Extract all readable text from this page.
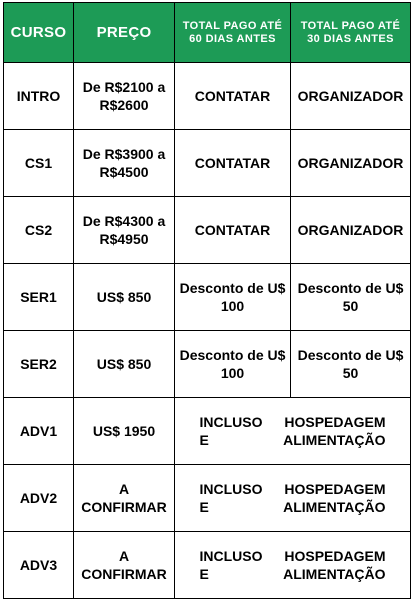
CURSO	PREÇO	TOTAL PAGO ATÉ 60 DIAS ANTES	TOTAL PAGO ATÉ 30 DIAS ANTES
INTRO	De R$2100 a R$2600	CONTATAR	ORGANIZADOR
CS1	De R$3900 a R$4500	CONTATAR	ORGANIZADOR
CS2	De R$4300 a R$4950	CONTATAR	ORGANIZADOR
SER1	US$ 850	Desconto de U$ 100	Desconto de U$ 50
SER2	US$ 850	Desconto de U$ 100	Desconto de U$ 50
ADV1	US$ 1950	INCLUSO HOSPEDAGEM
E ALIMENTAÇÃO	

ADV2	A CONFIRMAR	INCLUSO HOSPEDAGEM
E ALIMENTAÇÃO	

ADV3	A CONFIRMAR	INCLUSO HOSPEDAGEM
E ALIMENTAÇÃO	
